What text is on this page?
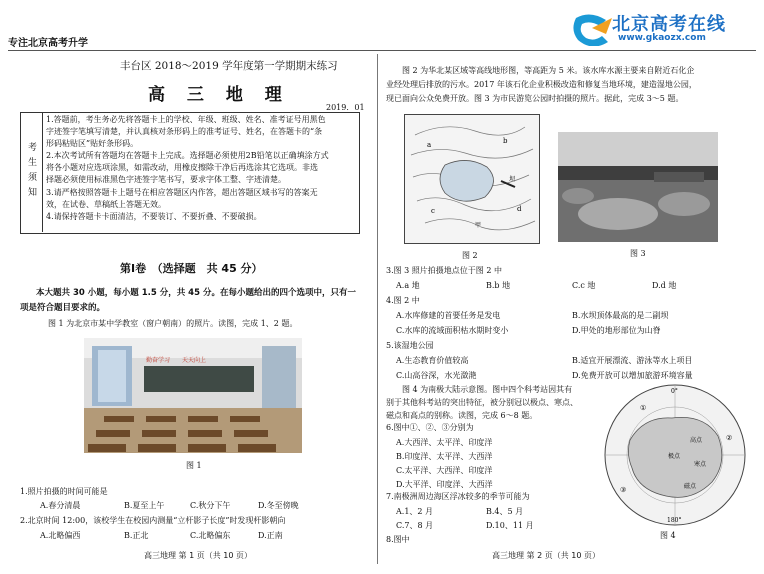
专注北京高考升学
北京高考在线
www.gkaozx.com
丰台区 2018～2019 学年度第一学期期末练习
高 三 地 理
2019．01
考生须知
1.答题前，考生务必先将答题卡上的学校、年级、班级、姓名、准考证号用黑色
字迹签字笔填写清楚，并认真核对条形码上的准考证号、姓名，在答题卡的“条
形码粘贴区”贴好条形码。
2.本次考试所有答题均在答题卡上完成。选择题必须使用2B铅笔以正确填涂方式
将各小题对应选项涂黑，如需改动，用橡皮擦除干净后再选涂其它选项。非选
择题必须使用标准黑色字迹签字笔书写，要求字体工整、字迹清楚。
3.请严格按照答题卡上题号在相应答题区内作答，超出答题区域书写的答案无
效，在试卷、草稿纸上答题无效。
4.请保持答题卡卡面清洁，不要装订、不要折叠、不要破损。
第Ⅰ卷　（选择题　共 45 分）
本大题共 30 小题，每小题 1.5 分，共 45 分。在每小题给出的四个选项中，只有一
项是符合题目要求的。
图 1 为北京市某中学教室（窗户朝南）的照片。读图，完成 1、2 题。
勤奋学习　　天天向上
图 1
1.照片拍摄的时间可能是
A.春分清晨	B.夏至上午	C.秋分下午	D.冬至傍晚
2.北京时间 12:00，该校学生在校园内测量“立杆影子长度”时发现杆影朝向
A.北略偏西	B.正北	C.北略偏东	D.正南
高三地理 第 1 页（共 10 页）
图 2 为华北某区域等高线地形图，等高距为 5 米。该水库水源主要来自附近石化企
业经处理后排放的污水。2017 年该石化企业积极改造和修复当地环境，建造湿地公园，
现已面向公众免费开放。图 3 为市民游览公园时拍摄的照片。据此，完成 3～5 题。
a	b
c	d
坝
甲
图 2	图 3
3.图 3 照片拍摄地点位于图 2 中
A.a 地	B.b 地	C.c 地	D.d 地
4.图 2 中
A.水库修建的首要任务是发电	B.水坝顶体最高的是二副坝
C.水库的流域面积枯水期时变小	D.甲处的地形部位为山脊
5.该湿地公园
A.生态教育价值较高	B.适宜开展漂流、游泳等水上项目
C.山高谷深，水光潋滟	D.免费开放可以增加旅游环境容量
图 4 为南极大陆示意图。图中四个科考站因其有
别于其他科考站的突出特征，被分别冠以极点、寒点、
磁点和高点的别称。读图，完成 6～8 题。
6.图中①、②、③分别为
A.大西洋、太平洋、印度洋
B.印度洋、太平洋、大西洋
C.太平洋、大西洋、印度洋
D.大平洋、印度洋、大西洋
7.南极洲周边海区浮冰较多的季节可能为
A.1、2 月	B.4、5 月
C.7、8 月	D.10、11 月
8.图中
0°
180°
极点
高点
寒点
磁点
①
②
③
图 4
高三地理 第 2 页（共 10 页）
